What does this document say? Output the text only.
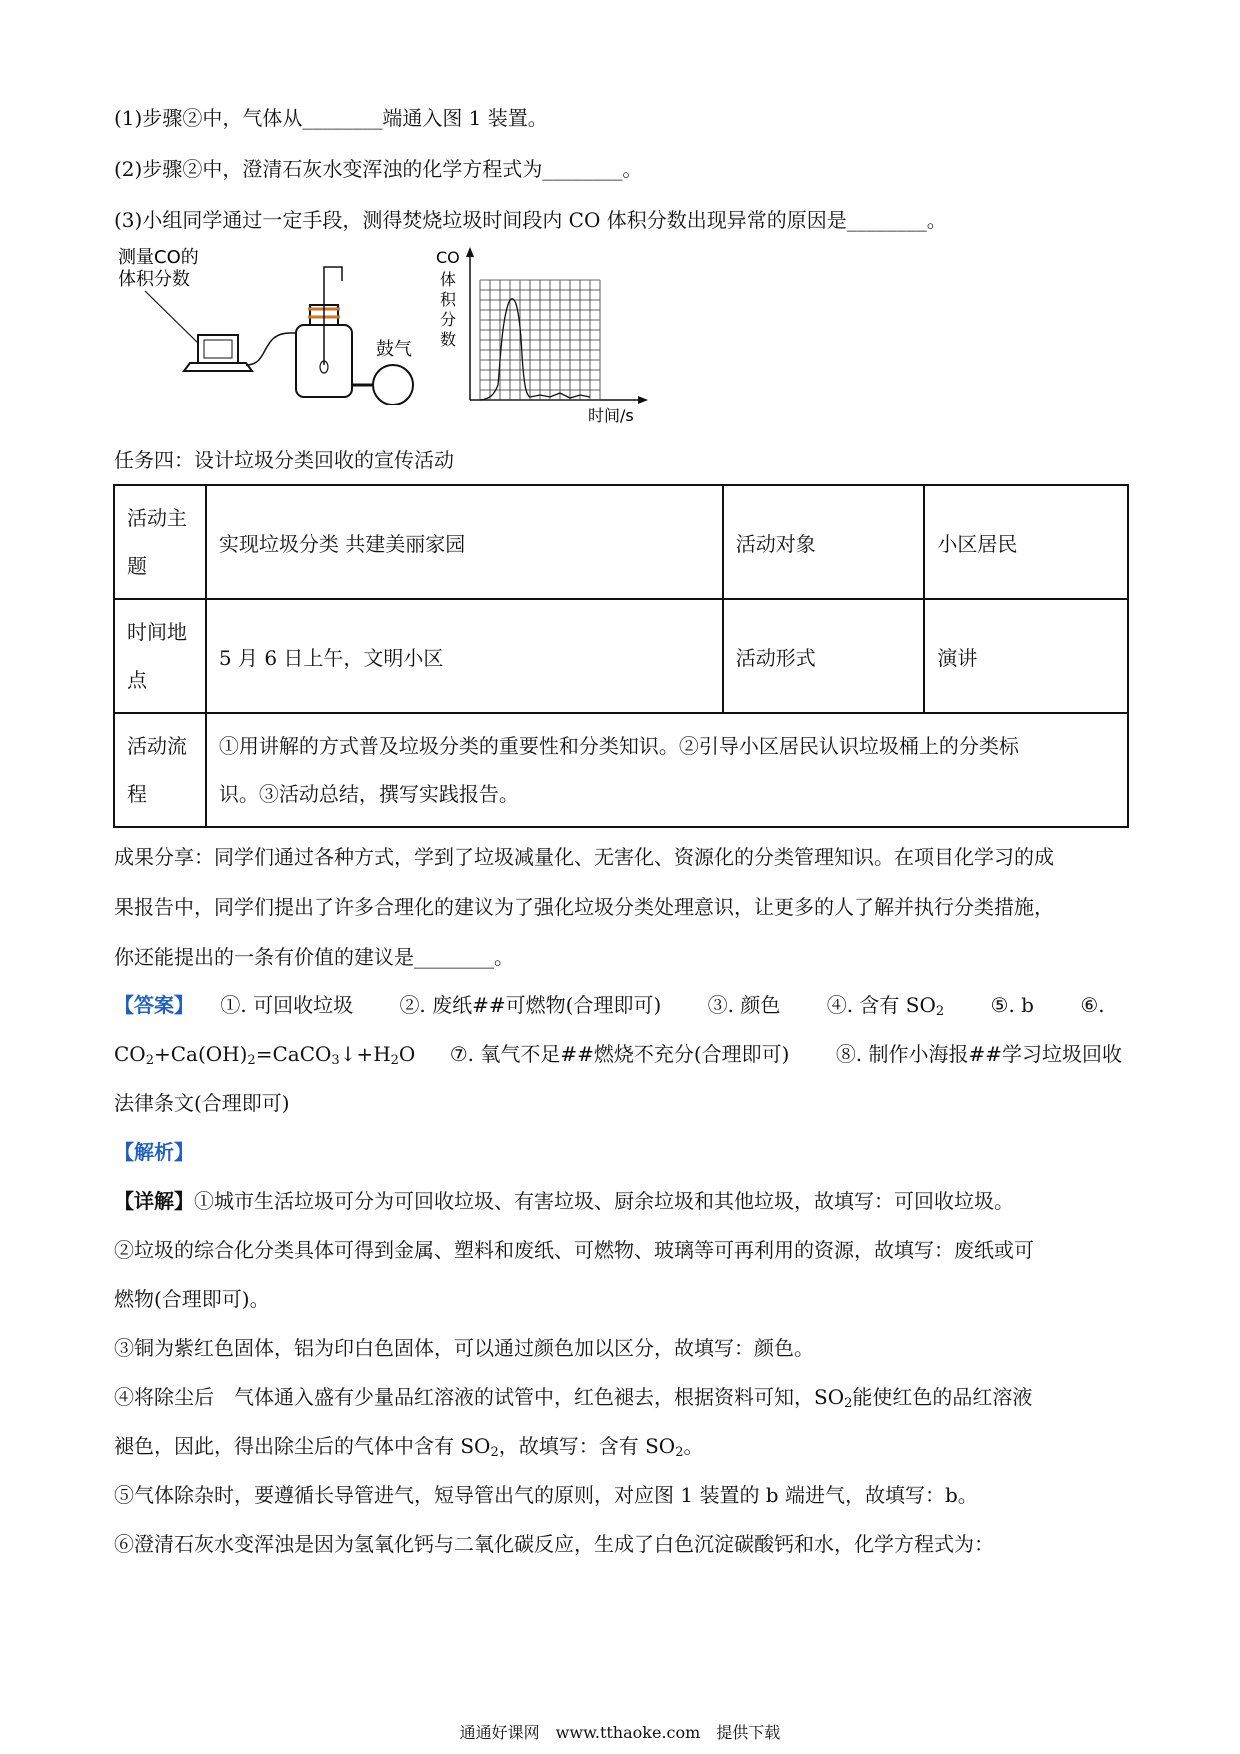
(1)步骤②中，气体从________端通入图 1 装置。
(2)步骤②中，澄清石灰水变浑浊的化学方程式为________。
(3)小组同学通过一定手段，测得焚烧垃圾时间段内 CO 体积分数出现异常的原因是________。
测量CO的
体积分数
鼓气
CO
体
积
分
数
时间/s
任务四：设计垃圾分类回收的宣传活动
活动主
题	实现垃圾分类 共建美丽家园	活动对象	小区居民
时间地
点	5 月 6 日上午，文明小区	活动形式	演讲
活动流
程	①用讲解的方式普及垃圾分类的重要性和分类知识。②引导小区居民认识垃圾桶上的分类标
识。③活动总结，撰写实践报告。		
成果分享：同学们通过各种方式，学到了垃圾减量化、无害化、资源化的分类管理知识。在项目化学习的成
果报告中，同学们提出了许多合理化的建议为了强化垃圾分类处理意识，让更多的人了解并执行分类措施，
你还能提出的一条有价值的建议是________。
【答案】 ①. 可回收垃圾 ②. 废纸##可燃物(合理即可) ③. 颜色 ④. 含有 $SO_2$ ⑤. b ⑥.
$CO_2+Ca(OH)_2=CaCO_3↓+H_2O$ ⑦. 氧气不足##燃烧不充分(合理即可) ⑧. 制作小海报##学习垃圾回收
法律条文(合理即可)
【解析】
【详解】①城市生活垃圾可分为可回收垃圾、有害垃圾、厨余垃圾和其他垃圾，故填写：可回收垃圾。
②垃圾的综合化分类具体可得到金属、塑料和废纸、可燃物、玻璃等可再利用的资源，故填写：废纸或可
燃物(合理即可)。
③铜为紫红色固体，铝为印白色固体，可以通过颜色加以区分，故填写：颜色。
④将除尘后　气体通入盛有少量品红溶液的试管中，红色褪去，根据资料可知，$SO_2$能使红色的品红溶液
褪色，因此，得出除尘后的气体中含有 $SO_2$，故填写：含有 $SO_2$。
⑤气体除杂时，要遵循长导管进气，短导管出气的原则，对应图 1 装置的 b 端进气，故填写：b。
⑥澄清石灰水变浑浊是因为氢氧化钙与二氧化碳反应，生成了白色沉淀碳酸钙和水，化学方程式为：
通通好课网　www.tthaoke.com　提供下载
